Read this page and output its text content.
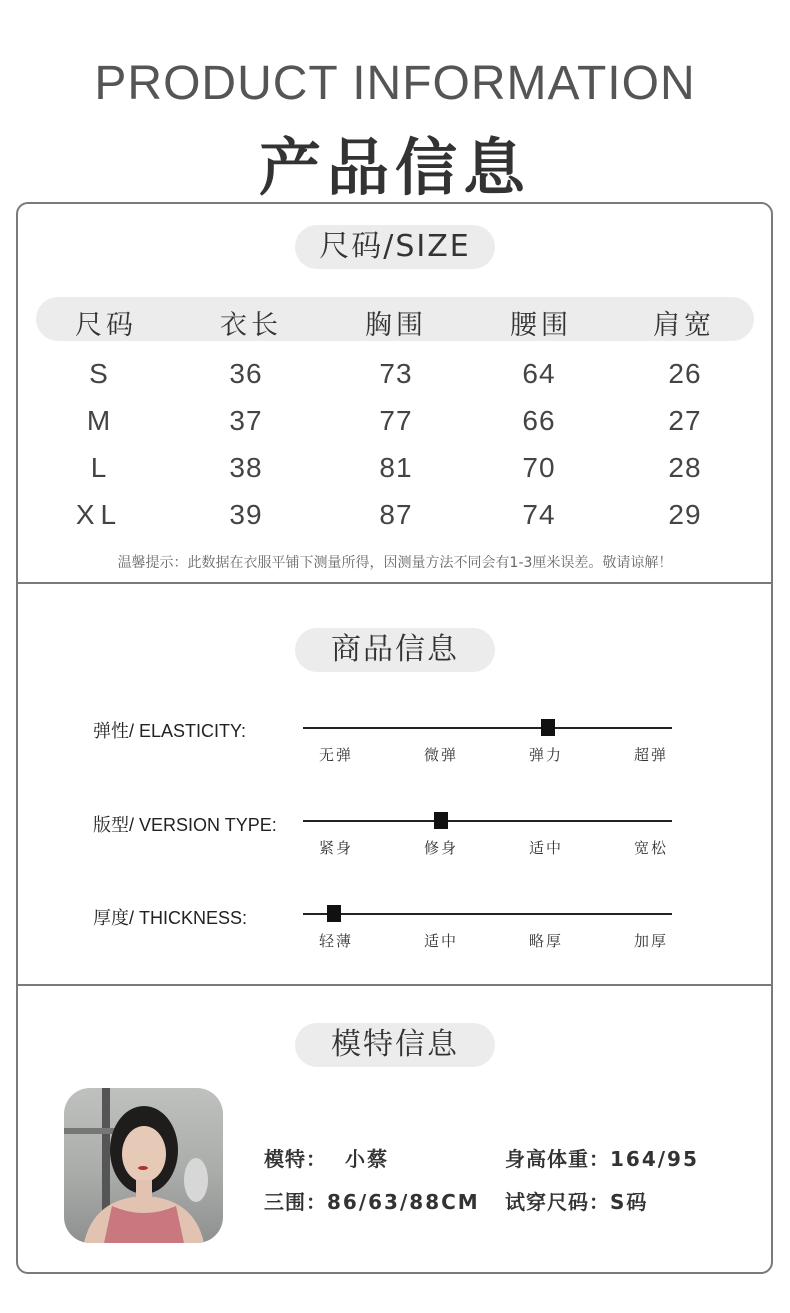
PRODUCT INFORMATION
产品信息
尺码/SIZE
尺码	衣长	胸围	腰围	肩宽
S	36	73	64	26
M	37	77	66	27
L	38	81	70	28
XL	39	87	74	29
温馨提示：此数据在衣服平铺下测量所得，因测量方法不同会有1-3厘米误差。敬请谅解！
商品信息
弹性/ ELASTICITY:
无弹	微弹	弹力	超弹
版型/ VERSION TYPE:
紧身	修身	适中	宽松
厚度/ THICKNESS:
轻薄	适中	略厚	加厚
模特信息
模特： 小蔡	身高体重：164/95
三围：86/63/88CM 试穿尺码：S码
